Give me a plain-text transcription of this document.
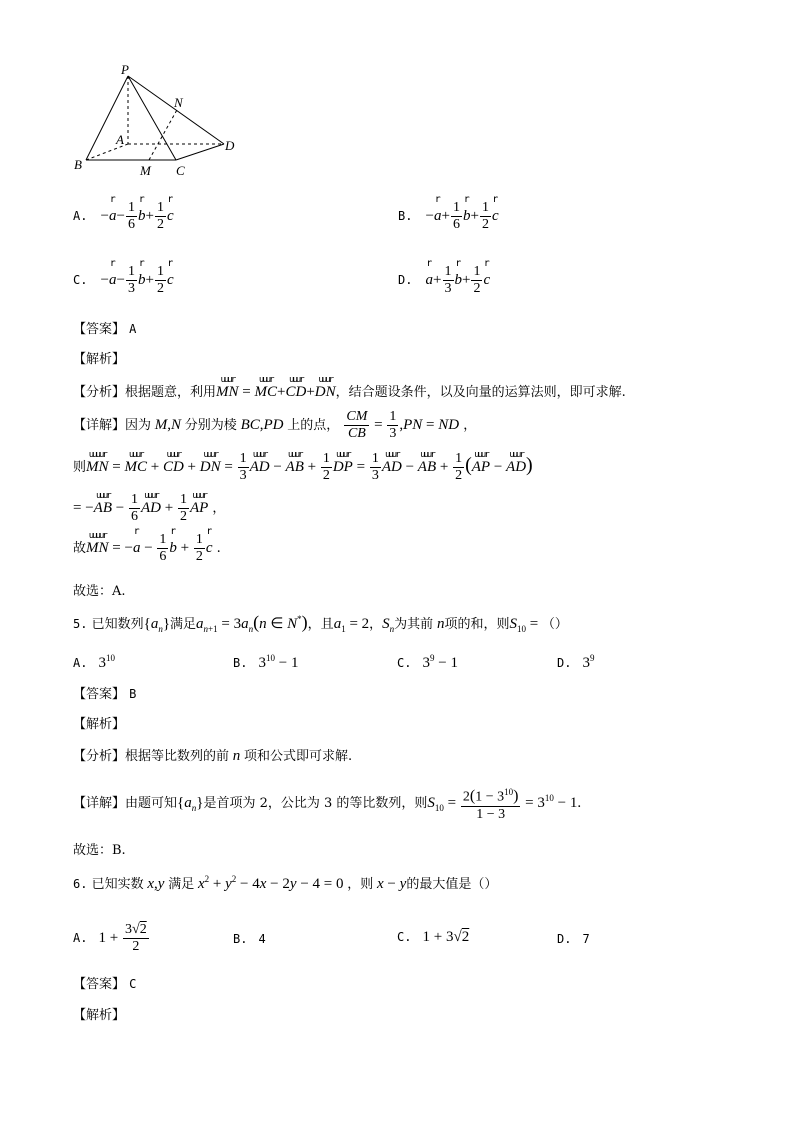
P
N
A	D
B	M C
A. −a
r
− $\frac{1}{6}$ b
r
+ $\frac{1}{2}$ c
r
B. −a
r
+ $\frac{1}{6}$ b
r
+ $\frac{1}{2}$ c
r
C. −a
r
− $\frac{1}{3}$ b
r
+ $\frac{1}{2}$ c
r
D. a
r
+ $\frac{1}{3}$ b
r
+ $\frac{1}{2}$ c
r
【答案】 A
【解析】
【分析】根据题意，利用MN
uuur
= MC
uuur
+CD
uuur
+DN
uuur
，结合题设条件，以及向量的运算法则，即可求解.
【详解】因为 M,N 分别为棱 BC,PD 上的点， $\frac{CM}{CB} = \frac{1}{3} ,PN$ = ND ，
则MN
uuuur
= MC
uuur
+ CD
uuur
+ DN
uuur
= $\frac{1}{3}$ AD
uuur
− AB
uuur
+ $\frac{1}{2}$ DP
uuur
= $\frac{1}{3}$ AD
uuur
− AB
uuur
+ $\frac{1}{2} (AP$
uuur
− AD
uuur )
= −AB
uuur
− $\frac{1}{6}$ AD
uuur
+ $\frac{1}{2}$ AP
uuur
，
故MN
uuuur
= −a
r
− $\frac{1}{6}$ b
r
+ $\frac{1}{2}$ c
r
.
故选：A.
5. 已知数列$\{a_n\}$满足$a_{n+1} = 3a_n(n$ ∈ N*)，且$a_1 = 2$，$S_n$为其前 n项的和，则$S_{10}$ = （）
A. $3^{10}$	B. $3^{10} - 1$	C. $3^9 - 1$	D. $3^9$
【答案】 B
【解析】
【分析】根据等比数列的前 n 项和公式即可求解.
【详解】由题可知$\{a_n\}$是首项为 2，公比为 3 的等比数列，则$S_{10} = \frac{2(1 - 3^{10})}{1 - 3} = 3^{10} - 1$.
故选：B.
6. 已知实数 x,y 满足 $x^2 + y^2 - 4x - 2y - 4 = 0$ ，则 x − y的最大值是（）
A. $1 + \frac{3√2}{2}$	B. 4	C. 1 + 3√2	D. 7
【答案】 C
【解析】
